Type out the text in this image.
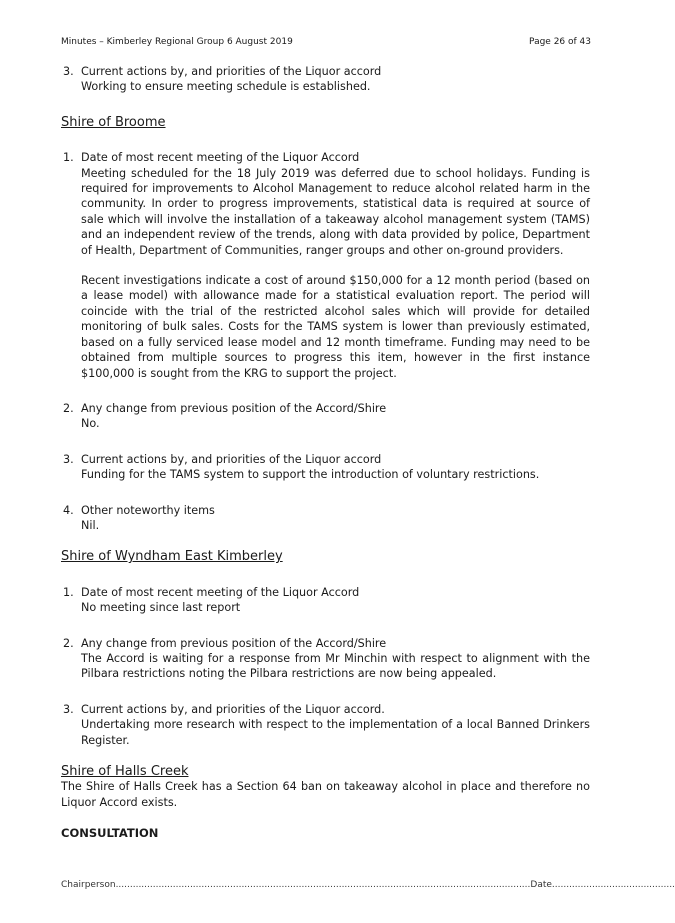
Minutes – Kimberley Regional Group 6 August 2019	Page 26 of 43
3. Current actions by, and priorities of the Liquor accord

Working to ensure meeting schedule is established.

Shire of Broome

1. Date of most recent meeting of the Liquor Accord

Meeting scheduled for the 18 July 2019 was deferred due to school holidays. Funding is required for improvements to Alcohol Management to reduce alcohol related harm in the community. In order to progress improvements, statistical data is required at source of sale which will involve the installation of a takeaway alcohol management system (TAMS) and an independent review of the trends, along with data provided by police, Department of Health, Department of Communities, ranger groups and other on-ground providers.

Recent investigations indicate a cost of around $150,000 for a 12 month period (based on a lease model) with allowance made for a statistical evaluation report. The period will coincide with the trial of the restricted alcohol sales which will provide for detailed monitoring of bulk sales. Costs for the TAMS system is lower than previously estimated, based on a fully serviced lease model and 12 month timeframe. Funding may need to be obtained from multiple sources to progress this item, however in the first instance $100,000 is sought from the KRG to support the project.

2. Any change from previous position of the Accord/Shire

No.

3. Current actions by, and priorities of the Liquor accord

Funding for the TAMS system to support the introduction of voluntary restrictions.

4. Other noteworthy items

Nil.

Shire of Wyndham East Kimberley

1. Date of most recent meeting of the Liquor Accord

No meeting since last report

2. Any change from previous position of the Accord/Shire

The Accord is waiting for a response from Mr Minchin with respect to alignment with the Pilbara restrictions noting the Pilbara restrictions are now being appealed.

3. Current actions by, and priorities of the Liquor accord.

Undertaking more research with respect to the implementation of a local Banned Drinkers Register.

Shire of Halls Creek

The Shire of Halls Creek has a Section 64 ban on takeaway alcohol in place and therefore no Liquor Accord exists.

CONSULTATION

Chairperson.................................................................................................................................................Date...........................................
